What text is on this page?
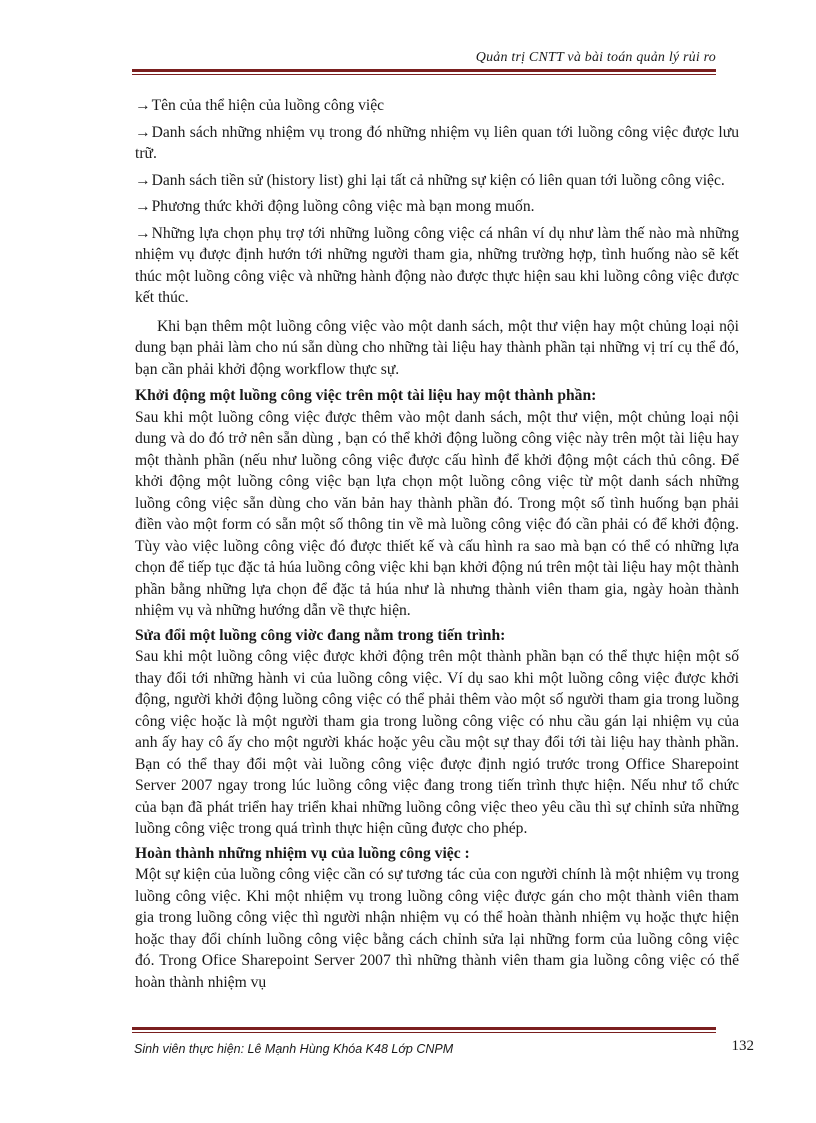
Quản trị CNTT và bài toán quản lý rủi ro

→Tên của thể hiện của luồng công việc

→Danh sách những nhiệm vụ trong đó những nhiệm vụ liên quan tới luồng công việc được lưu trữ.

→Danh sách tiền sử (history list) ghi lại tất cả những sự kiện có liên quan tới luồng công việc.

→Phương thức khởi động luồng công việc mà bạn mong muốn.

→Những lựa chọn phụ trợ tới những luồng công việc cá nhân ví dụ như làm thế nào mà những nhiệm vụ được định hướn tới những người tham gia, những trường hợp, tình huống nào sẽ kết thúc một luồng công việc và những hành động nào được thực hiện sau khi luồng công việc được kết thúc.

Khi bạn thêm một luồng công việc vào một danh sách, một thư viện hay một chủng loại nội dung bạn phải làm cho nú sẵn dùng cho những tài liệu hay thành phần tại những vị trí cụ thể đó, bạn cần phải khởi động workflow thực sự.

Khởi động một luồng công việc trên một tài liệu hay một thành phần:

Sau khi một luồng công việc được thêm vào một danh sách, một thư viện, một chủng loại nội dung và do đó trở nên sẵn dùng , bạn có thể khởi động luồng công việc này trên một tài liệu hay một thành phần (nếu như luồng công việc được cấu hình để khởi động một cách thủ công. Để khởi động một luồng công việc bạn lựa chọn một luồng công việc từ một danh sách những luồng công việc sẵn dùng cho văn bản hay thành phần đó. Trong một số tình huống bạn phải điền vào một form có sẵn một số thông tin về mà luồng công việc đó cần phải có để khởi động. Tùy vào việc luồng công việc đó được thiết kế và cấu hình ra sao mà bạn có thể có những lựa chọn để tiếp tục đặc tả húa luồng công việc khi bạn khởi động nú trên một tài liệu hay một thành phần bằng những lựa chọn để đặc tả húa như là nhưng thành viên tham gia, ngày hoàn thành nhiệm vụ và những hướng dẫn về thực hiện.

Sửa đổi một luồng công viờc đang nằm trong tiến trình:

Sau khi một luồng công việc được khởi động trên một thành phần bạn có thể thực hiện một số thay đổi tới những hành vi của luồng công việc. Ví dụ sao khi một luồng công việc được khởi động, người khởi động luồng công việc có thể phải thêm vào một số người tham gia trong luồng công việc hoặc là một người tham gia trong luồng công việc có nhu cầu gán lại nhiệm vụ của anh ấy hay cô ấy cho một người khác hoặc yêu cầu một sự thay đổi tới tài liệu hay thành phần. Bạn có thể thay đổi một vài luồng công việc được định ngió trước trong Office Sharepoint Server 2007 ngay trong lúc luồng công việc đang trong tiến trình thực hiện. Nếu như tổ chức của bạn đã phát triển hay triển khai những luồng công việc theo yêu cầu thì sự chỉnh sửa những luồng công việc trong quá trình thực hiện cũng được cho phép.

Hoàn thành những nhiệm vụ của luồng công việc :

Một sự kiện của luồng công việc cần có sự tương tác của con người chính là một nhiệm vụ trong luồng công việc. Khi một nhiệm vụ trong luồng công việc được gán cho một thành viên tham gia trong luồng công việc thì người nhận nhiệm vụ có thể hoàn thành nhiệm vụ hoặc thực hiện hoặc thay đổi chính luồng công việc bằng cách chỉnh sửa lại những form của luồng công việc đó. Trong Ofice Sharepoint Server 2007 thì những thành viên tham gia luồng công việc có thể hoàn thành nhiệm vụ

Sinh viên thực hiện: Lê Mạnh Hùng Khóa K48 Lớp CNPM	132
